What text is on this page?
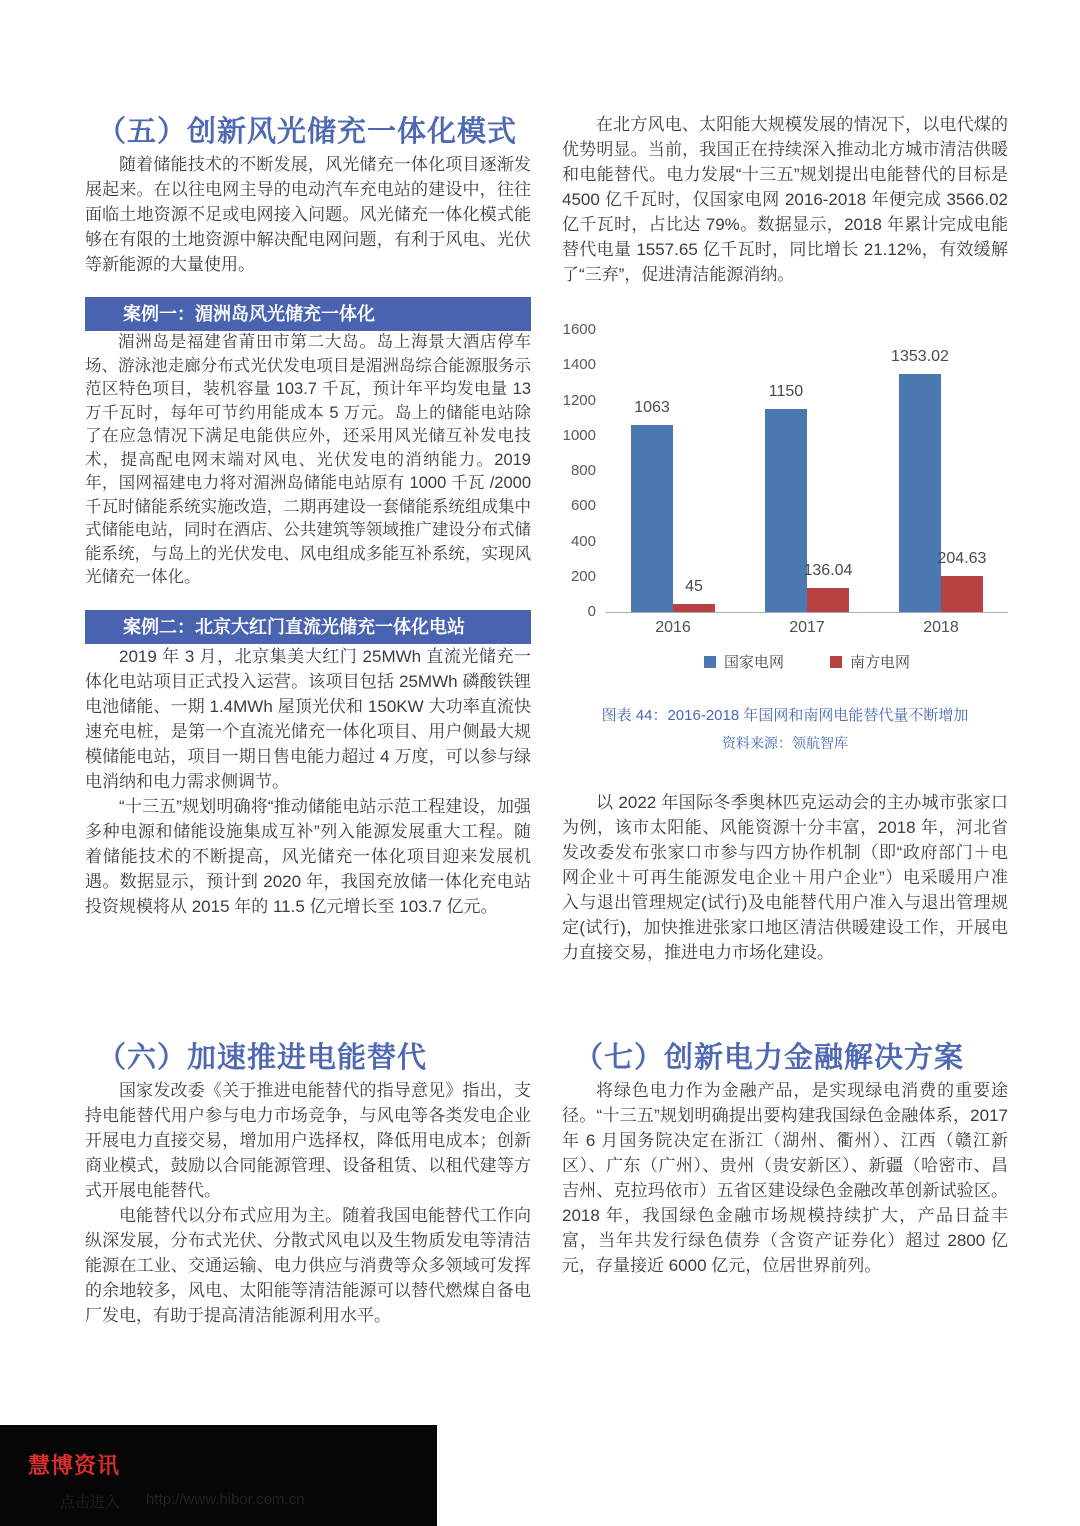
（五）创新风光储充一体化模式

随着储能技术的不断发展，风光储充一体化项目逐渐发展起来。在以往电网主导的电动汽车充电站的建设中，往往面临土地资源不足或电网接入问题。风光储充一体化模式能够在有限的土地资源中解决配电网问题，有利于风电、光伏等新能源的大量使用。

案例一：湄洲岛风光储充一体化

湄洲岛是福建省莆田市第二大岛。岛上海景大酒店停车场、游泳池走廊分布式光伏发电项目是湄洲岛综合能源服务示范区特色项目，装机容量 103.7 千瓦，预计年平均发电量 13 万千瓦时，每年可节约用能成本 5 万元。岛上的储能电站除了在应急情况下满足电能供应外，还采用风光储互补发电技术，提高配电网末端对风电、光伏发电的消纳能力。2019 年，国网福建电力将对湄洲岛储能电站原有 1000 千瓦 /2000 千瓦时储能系统实施改造，二期再建设一套储能系统组成集中式储能电站，同时在酒店、公共建筑等领域推广建设分布式储能系统，与岛上的光伏发电、风电组成多能互补系统，实现风光储充一体化。

案例二：北京大红门直流光储充一体化电站

2019 年 3 月，北京集美大红门 25MWh 直流光储充一体化电站项目正式投入运营。该项目包括 25MWh 磷酸铁锂电池储能、一期 1.4MWh 屋顶光伏和 150KW 大功率直流快速充电桩，是第一个直流光储充一体化项目、用户侧最大规模储能电站，项目一期日售电能力超过 4 万度，可以参与绿电消纳和电力需求侧调节。

“十三五”规划明确将“推动储能电站示范工程建设，加强多种电源和储能设施集成互补”列入能源发展重大工程。随着储能技术的不断提高，风光储充一体化项目迎来发展机遇。数据显示，预计到 2020 年，我国充放储一体化充电站投资规模将从 2015 年的 11.5 亿元增长至 103.7 亿元。

在北方风电、太阳能大规模发展的情况下，以电代煤的优势明显。当前，我国正在持续深入推动北方城市清洁供暖和电能替代。电力发展“十三五”规划提出电能替代的目标是 4500 亿千瓦时，仅国家电网 2016-2018 年便完成 3566.02 亿千瓦时，占比达 79%。数据显示，2018 年累计完成电能替代电量 1557.65 亿千瓦时，同比增长 21.12%，有效缓解了“三弃”，促进清洁能源消纳。

0
200
400
600
800
1000
1200
1400
1600
1063
45
1150
136.04
1353.02
204.63
2016	2017	2018
国家电网	南方电网
图表 44：2016-2018 年国网和南网电能替代量不断增加
资料来源：领航智库

以 2022 年国际冬季奥林匹克运动会的主办城市张家口为例，该市太阳能、风能资源十分丰富，2018 年，河北省发改委发布张家口市参与四方协作机制（即“政府部门＋电网企业＋可再生能源发电企业＋用户企业”）电采暖用户准入与退出管理规定(试行)及电能替代用户准入与退出管理规定(试行)，加快推进张家口地区清洁供暖建设工作，开展电力直接交易，推进电力市场化建设。

（六）加速推进电能替代

国家发改委《关于推进电能替代的指导意见》指出，支持电能替代用户参与电力市场竞争，与风电等各类发电企业开展电力直接交易，增加用户选择权，降低用电成本；创新商业模式，鼓励以合同能源管理、设备租赁、以租代建等方式开展电能替代。

电能替代以分布式应用为主。随着我国电能替代工作向纵深发展，分布式光伏、分散式风电以及生物质发电等清洁能源在工业、交通运输、电力供应与消费等众多领域可发挥的余地较多，风电、太阳能等清洁能源可以替代燃煤自备电厂发电，有助于提高清洁能源利用水平。

（七）创新电力金融解决方案

将绿色电力作为金融产品，是实现绿电消费的重要途径。“十三五”规划明确提出要构建我国绿色金融体系，2017 年 6 月国务院决定在浙江（湖州、衢州）、江西（赣江新区）、广东（广州）、贵州（贵安新区）、新疆（哈密市、昌吉州、克拉玛依市）五省区建设绿色金融改革创新试验区。2018 年，我国绿色金融市场规模持续扩大，产品日益丰富，当年共发行绿色债券（含资产证券化）超过 2800 亿元，存量接近 6000 亿元，位居世界前列。

慧博资讯
点击进入 http://www.hibor.com.cn
